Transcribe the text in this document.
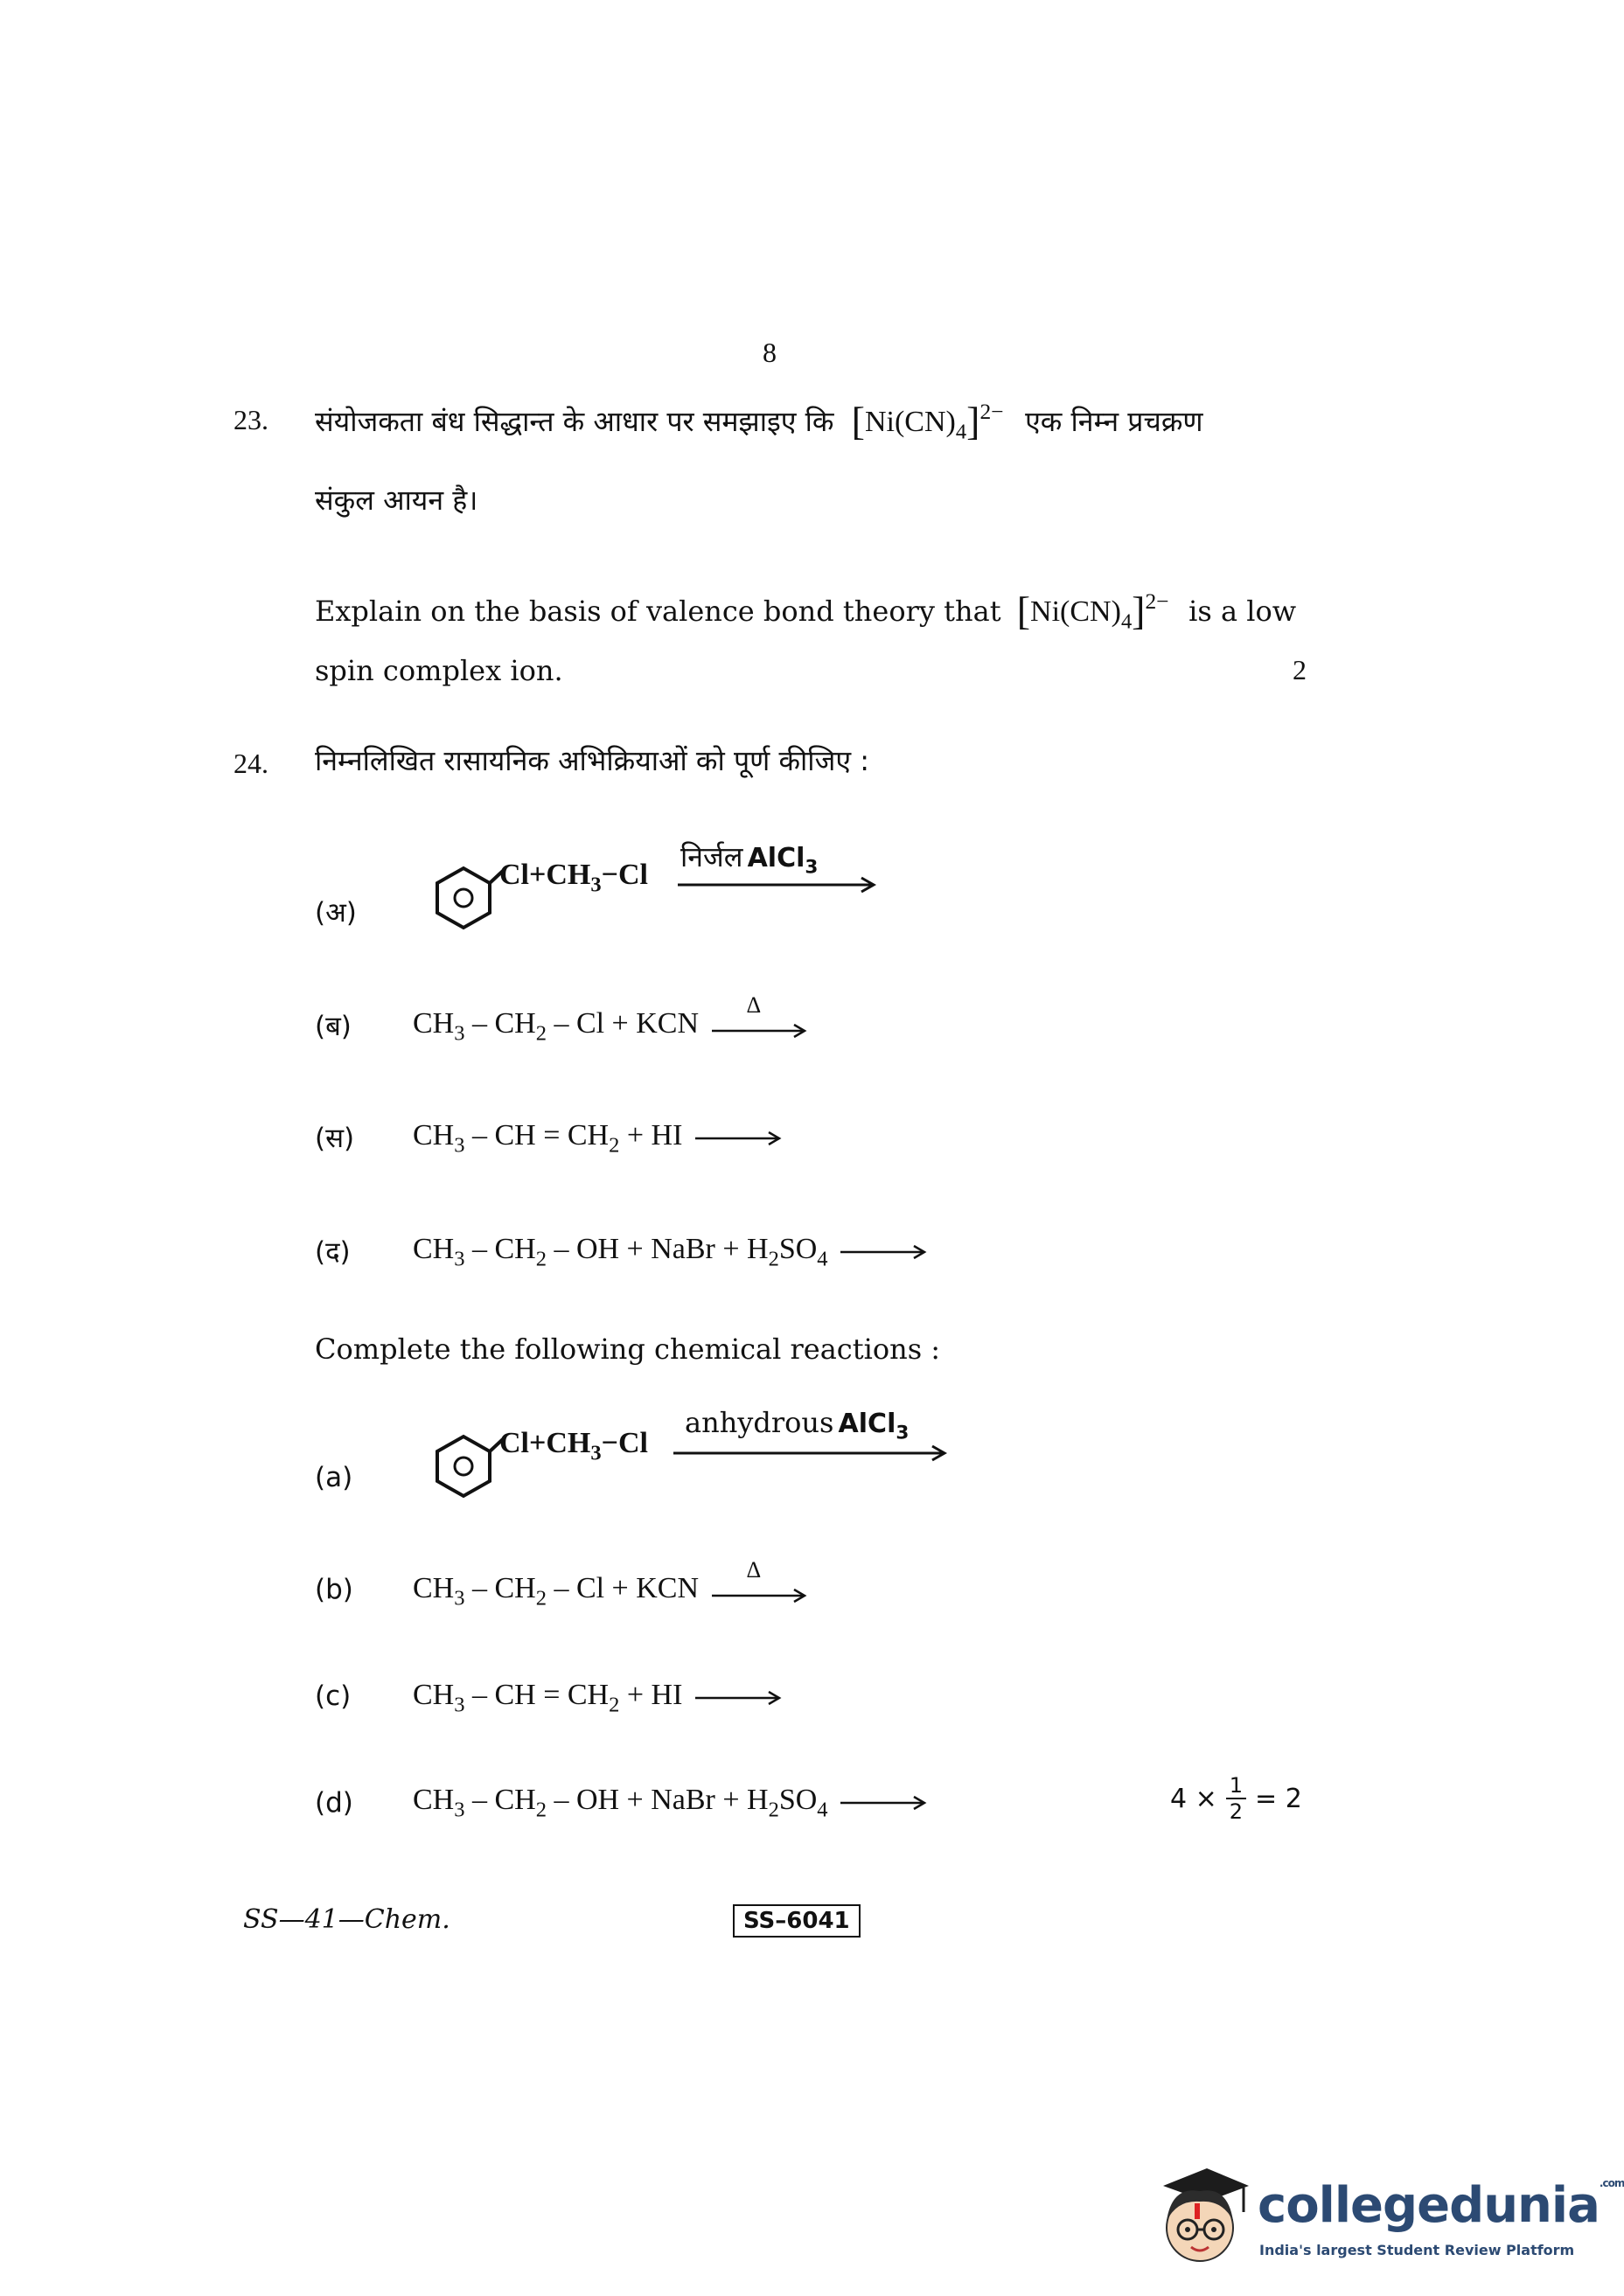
8
23. संयोजकता बंध सिद्धान्त के आधार पर समझाइए कि $[Ni(CN)_4]^{2-}$ एक निम्न प्रचक्रण
संकुल आयन है।
Explain on the basis of valence bond theory that $[Ni(CN)_4]^{2-}$ is a low
spin complex ion.	2
24. निम्नलिखित रासायनिक अभिक्रियाओं को पूर्ण कीजिए :
(अ)
$Cl+CH_3-Cl$
निर्जल AlCl$_3$
(ब) $CH_3 - CH_2$ – Cl + KCN
Δ
(स) $CH_3$ – CH = $CH_2$ + HI
(द) $CH_3 - CH_2$ – OH + NaBr + $H_2SO_4$
Complete the following chemical reactions :
(a)
$Cl+CH_3-Cl$
anhydrous AlCl$_3$
(b) $CH_3 - CH_2$ – Cl + KCN
Δ
(c) $CH_3$ – CH = $CH_2$ + HI
(d) $CH_3 - CH_2$ – OH + NaBr + $H_2SO_4$	$4 \times \frac{1}{2} = 2$
SS—41—Chem.	SS–6041
collegedunia$^{.com}$
India's largest Student Review Platform
